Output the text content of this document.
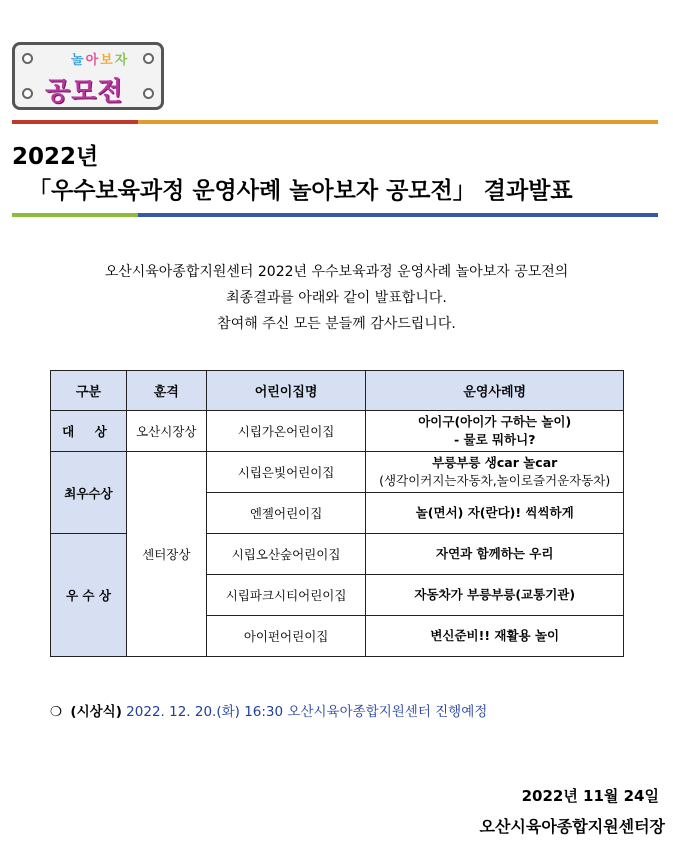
놀 아 보 자
공모전
2022년
「우수보육과정 운영사례 놀아보자 공모전」 결과발표
오산시육아종합지원센터 2022년 우수보육과정 운영사례 놀아보자 공모전의
최종결과를 아래와 같이 발표합니다.
참여해 주신 모든 분들께 감사드립니다.
구분	훈격	어린이집명	운영사례명
대 상	오산시장상	시립가온어린이집	아이구(아이가 구하는 놀이)
- 물로 뭐하니?

최우수상	센터장상	시립은빛어린이집	부릉부릉 생car 놀car
(생각이커지는자동차,놀이로즐거운자동차)

		엔젤어린이집	놀(면서) 자(란다)! 씩씩하게

우 수 상		시립오산숲어린이집	자연과 함께하는 우리

		시립파크시티어린이집	자동차가 부릉부릉(교통기관)

		아이펀어린이집	변신준비!! 재활용 놀이
❍ (시상식) 2022. 12. 20.(화) 16:30 오산시육아종합지원센터 진행예정
2022년 11월 24일
오산시육아종합지원센터장
